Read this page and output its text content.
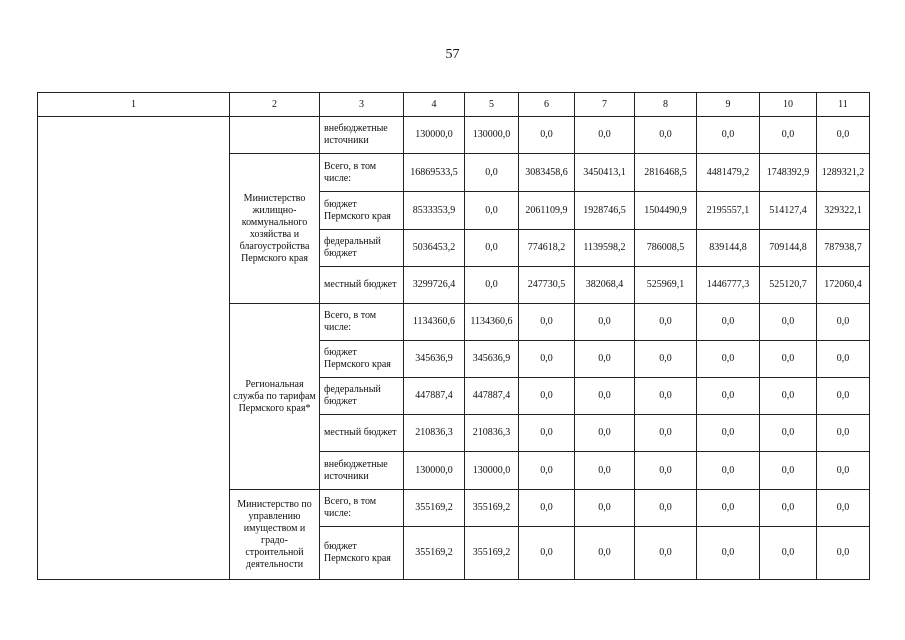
57
1	2	3	4	5	6	7	8	9	10	11
		внебюджетные источники	130000,0	130000,0	0,0	0,0	0,0	0,0	0,0	0,0
	Министерство жилищно-коммунального хозяйства и благоустройства Пермского края	Всего, в том числе:	16869533,5	0,0	3083458,6	3450413,1	2816468,5	4481479,2	1748392,9	1289321,2
		бюджет Пермского края	8533353,9	0,0	2061109,9	1928746,5	1504490,9	2195557,1	514127,4	329322,1
		федеральный бюджет	5036453,2	0,0	774618,2	1139598,2	786008,5	839144,8	709144,8	787938,7
		местный бюджет	3299726,4	0,0	247730,5	382068,4	525969,1	1446777,3	525120,7	172060,4
	Региональная служба по тарифам Пермского края*	Всего, в том числе:	1134360,6	1134360,6	0,0	0,0	0,0	0,0	0,0	0,0
		бюджет Пермского края	345636,9	345636,9	0,0	0,0	0,0	0,0	0,0	0,0
		федеральный бюджет	447887,4	447887,4	0,0	0,0	0,0	0,0	0,0	0,0
		местный бюджет	210836,3	210836,3	0,0	0,0	0,0	0,0	0,0	0,0
		внебюджетные источники	130000,0	130000,0	0,0	0,0	0,0	0,0	0,0	0,0
	Министерство по управлению имуществом и градо-строительной деятельности	Всего, в том числе:	355169,2	355169,2	0,0	0,0	0,0	0,0	0,0	0,0
		бюджет Пермского края	355169,2	355169,2	0,0	0,0	0,0	0,0	0,0	0,0
